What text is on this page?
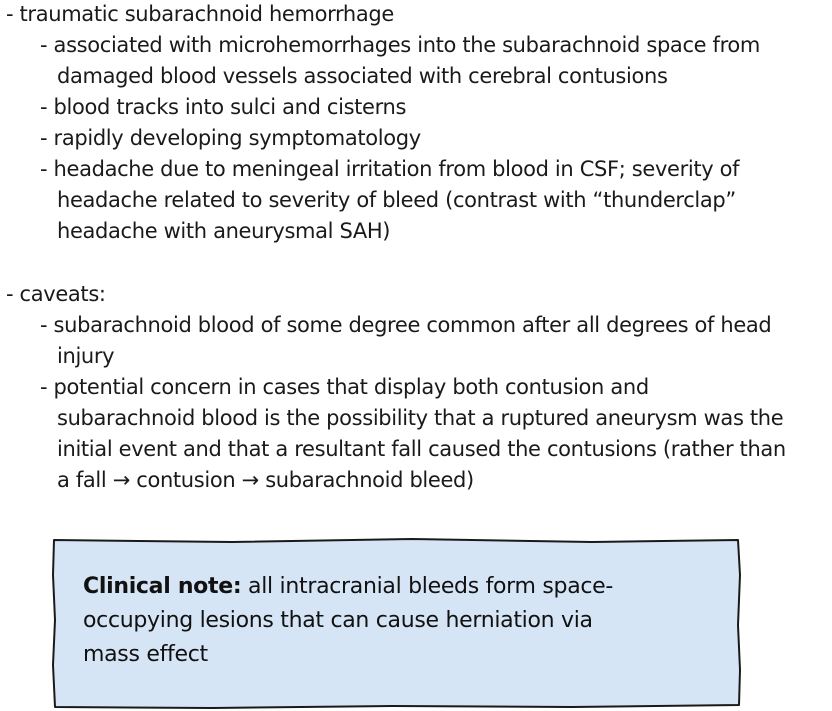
- traumatic subarachnoid hemorrhage
- associated with microhemorrhages into the subarachnoid space from
damaged blood vessels associated with cerebral contusions
- blood tracks into sulci and cisterns
- rapidly developing symptomatology
- headache due to meningeal irritation from blood in CSF; severity of
headache related to severity of bleed (contrast with “thunderclap”
headache with aneurysmal SAH)
- caveats:
- subarachnoid blood of some degree common after all degrees of head
injury
- potential concern in cases that display both contusion and
subarachnoid blood is the possibility that a ruptured aneurysm was the
initial event and that a resultant fall caused the contusions (rather than
a fall → contusion → subarachnoid bleed)
Clinical note: all intracranial bleeds form space-
occupying lesions that can cause herniation via
mass effect
